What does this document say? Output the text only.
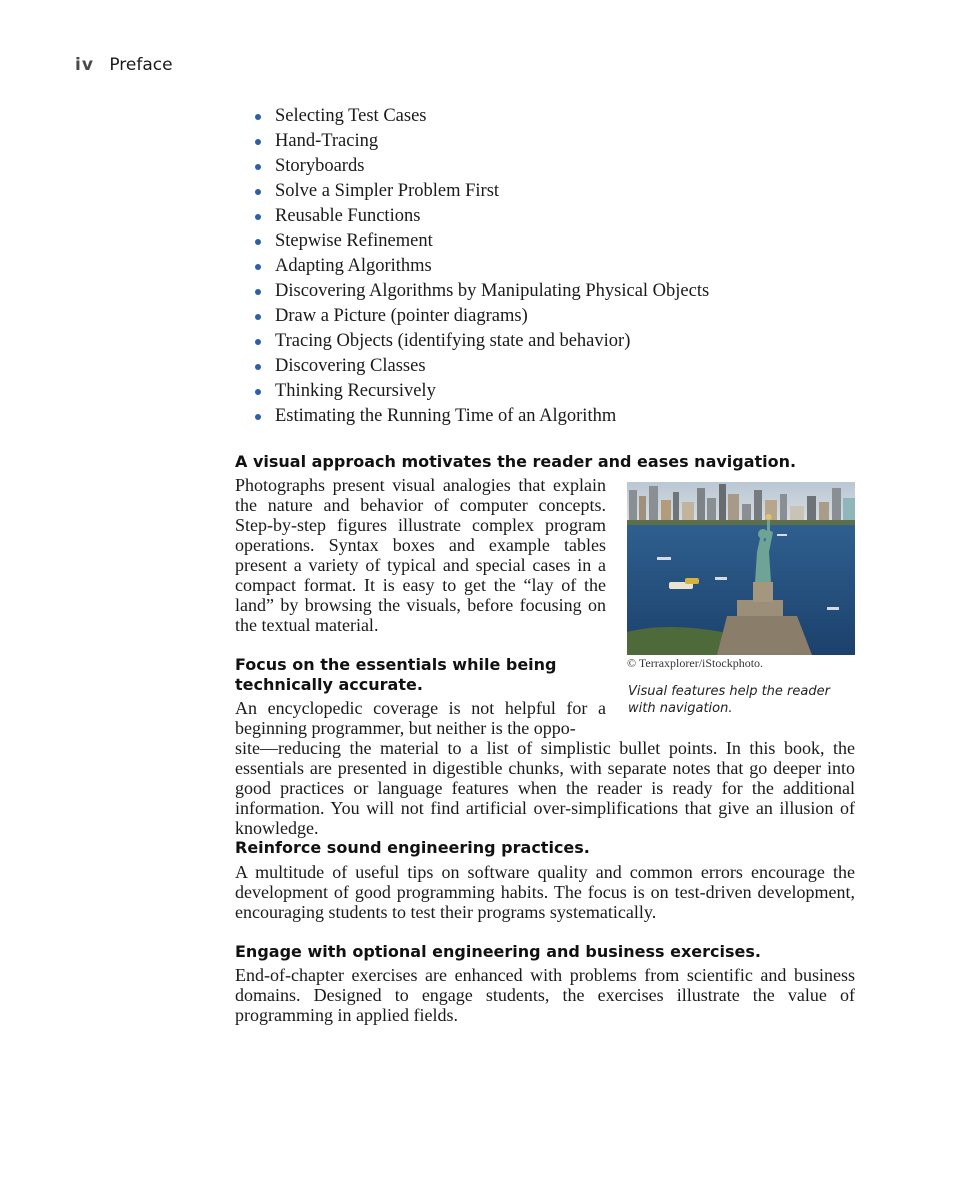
iv Preface
Selecting Test Cases
Hand-Tracing
Storyboards
Solve a Simpler Problem First
Reusable Functions
Stepwise Refinement
Adapting Algorithms
Discovering Algorithms by Manipulating Physical Objects
Draw a Picture (pointer diagrams)
Tracing Objects (identifying state and behavior)
Discovering Classes
Thinking Recursively
Estimating the Running Time of an Algorithm
A visual approach motivates the reader and eases navigation.

Photographs present visual analogies that explain the nature and behavior of computer concepts. Step-by-step figures illustrate complex program operations. Syntax boxes and example tables present a variety of typical and special cases in a compact format. It is easy to get the “lay of the land” by browsing the visuals, before focusing on the textual material.

© Terraxplorer/iStockphoto.

Visual features help the reader with navigation.

Focus on the essentials while being
technically accurate.

An encyclopedic coverage is not helpful for a beginning programmer, but neither is the oppo-

site—reducing the material to a list of simplistic bullet points. In this book, the essentials are presented in digestible chunks, with separate notes that go deeper into good practices or language features when the reader is ready for the additional information. You will not find artificial over-simplifications that give an illusion of knowledge.

Reinforce sound engineering practices.

A multitude of useful tips on software quality and common errors encourage the development of good programming habits. The focus is on test-driven development, encouraging students to test their programs systematically.

Engage with optional engineering and business exercises.

End-of-chapter exercises are enhanced with problems from scientific and business domains. Designed to engage students, the exercises illustrate the value of programming in applied fields.
